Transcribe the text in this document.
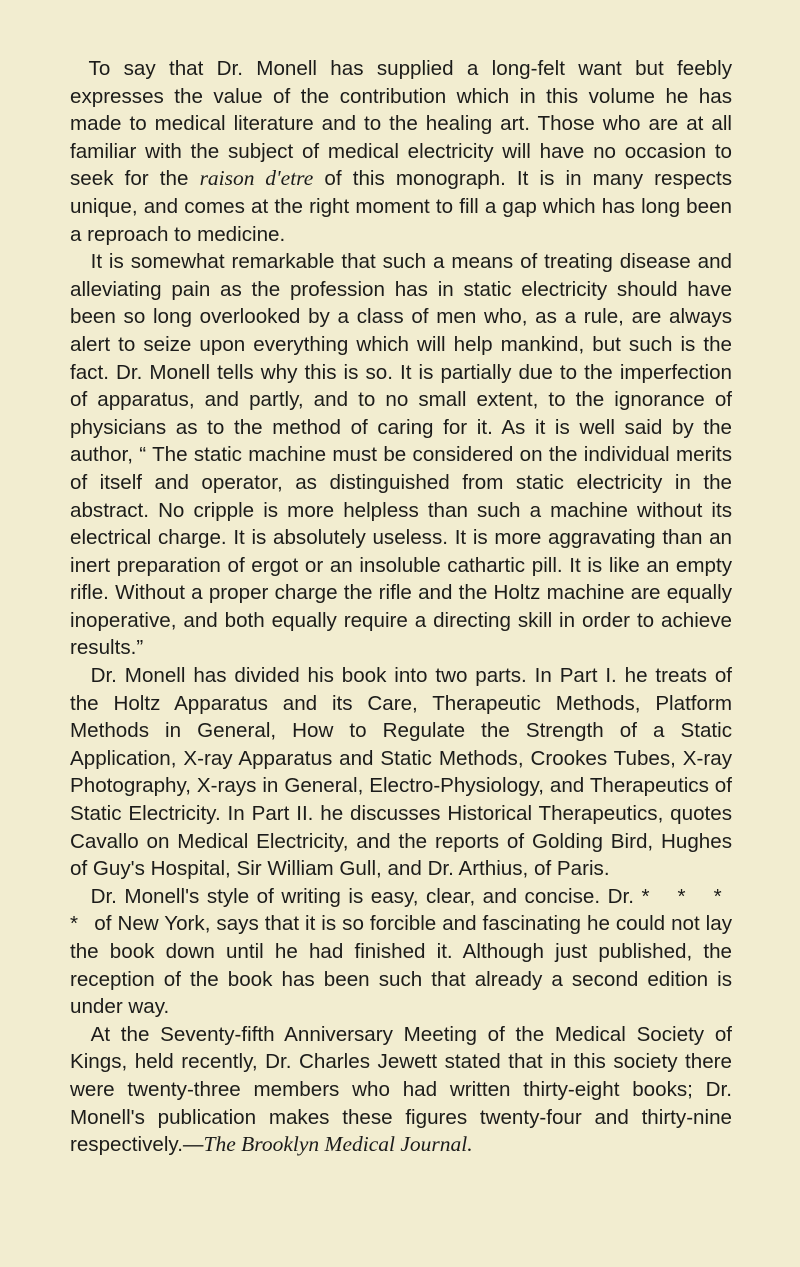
To say that Dr. Monell has supplied a long-felt want but feebly expresses the value of the contribution which in this volume he has made to medical literature and to the healing art. Those who are at all familiar with the subject of medical electricity will have no occasion to seek for the raison d'etre of this monograph. It is in many respects unique, and comes at the right moment to fill a gap which has long been a reproach to medicine.

It is somewhat remarkable that such a means of treating disease and alleviating pain as the profession has in static electricity should have been so long overlooked by a class of men who, as a rule, are always alert to seize upon everything which will help mankind, but such is the fact. Dr. Monell tells why this is so. It is partially due to the imperfection of apparatus, and partly, and to no small extent, to the ignorance of physicians as to the method of caring for it. As it is well said by the author, “ The static machine must be considered on the individual merits of itself and operator, as distinguished from static electricity in the abstract. No cripple is more helpless than such a machine without its electrical charge. It is absolutely useless. It is more aggravating than an inert preparation of ergot or an insoluble cathartic pill. It is like an empty rifle. Without a proper charge the rifle and the Holtz machine are equally inoperative, and both equally require a directing skill in order to achieve results.”

Dr. Monell has divided his book into two parts. In Part I. he treats of the Holtz Apparatus and its Care, Therapeutic Methods, Platform Methods in General, How to Regulate the Strength of a Static Application, X-ray Apparatus and Static Methods, Crookes Tubes, X-ray Photography, X-rays in General, Electro-Physiology, and Therapeutics of Static Electricity. In Part II. he discusses Historical Therapeutics, quotes Cavallo on Medical Electricity, and the reports of Golding Bird, Hughes of Guy's Hospital, Sir William Gull, and Dr. Arthius, of Paris.

Dr. Monell's style of writing is easy, clear, and concise. Dr. * * * * of New York, says that it is so forcible and fascinating he could not lay the book down until he had finished it. Although just published, the reception of the book has been such that already a second edition is under way.

At the Seventy-fifth Anniversary Meeting of the Medical Society of Kings, held recently, Dr. Charles Jewett stated that in this society there were twenty-three members who had written thirty-eight books; Dr. Monell's publication makes these figures twenty-four and thirty-nine respectively.—The Brooklyn Medical Journal.
